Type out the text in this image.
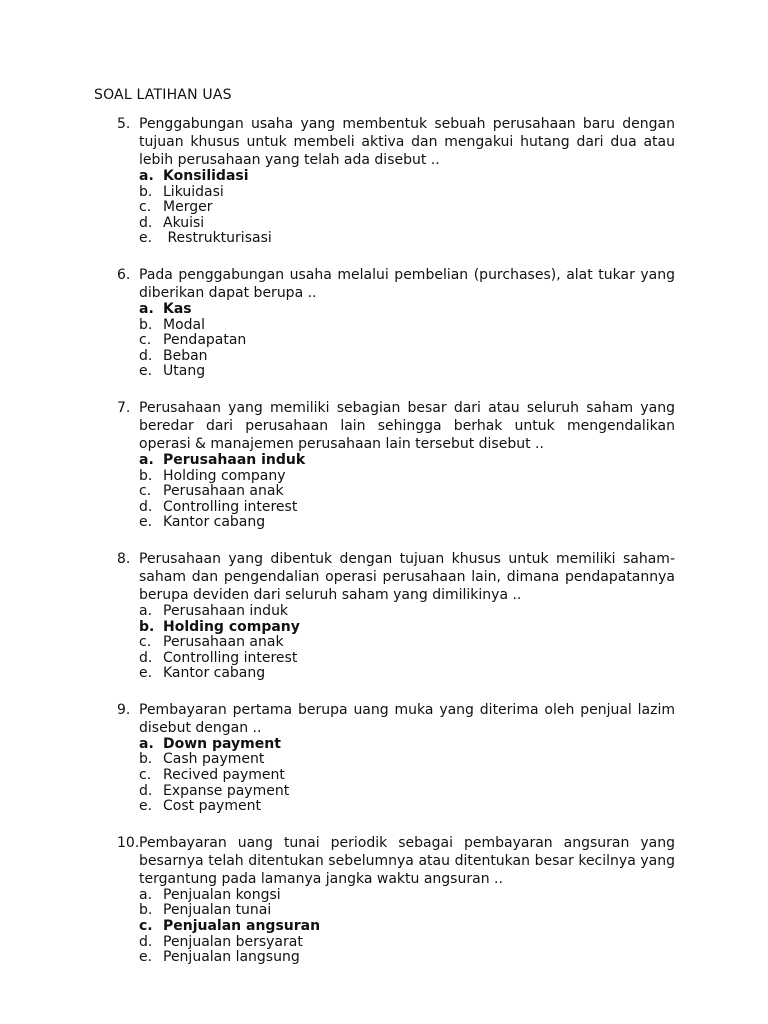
SOAL LATIHAN UAS
5. Penggabungan usaha yang membentuk sebuah perusahaan baru dengan tujuan khusus untuk membeli aktiva dan mengakui hutang dari dua atau lebih perusahaan yang telah ada disebut ..
a. Konsilidasi
b. Likuidasi
c. Merger
d. Akuisi
e. Restrukturisasi
6. Pada penggabungan usaha melalui pembelian (purchases), alat tukar yang diberikan dapat berupa ..
a. Kas
b. Modal
c. Pendapatan
d. Beban
e. Utang
7. Perusahaan yang memiliki sebagian besar dari atau seluruh saham yang beredar dari perusahaan lain sehingga berhak untuk mengendalikan operasi & manajemen perusahaan lain tersebut disebut ..
a. Perusahaan induk
b. Holding company
c. Perusahaan anak
d. Controlling interest
e. Kantor cabang
8. Perusahaan yang dibentuk dengan tujuan khusus untuk memiliki saham-saham dan pengendalian operasi perusahaan lain, dimana pendapatannya berupa deviden dari seluruh saham yang dimilikinya ..
a. Perusahaan induk
b. Holding company
c. Perusahaan anak
d. Controlling interest
e. Kantor cabang
9. Pembayaran pertama berupa uang muka yang diterima oleh penjual lazim disebut dengan ..
a. Down payment
b. Cash payment
c. Recived payment
d. Expanse payment
e. Cost payment
10. Pembayaran uang tunai periodik sebagai pembayaran angsuran yang besarnya telah ditentukan sebelumnya atau ditentukan besar kecilnya yang tergantung pada lamanya jangka waktu angsuran ..
a. Penjualan kongsi
b. Penjualan tunai
c. Penjualan angsuran
d. Penjualan bersyarat
e. Penjualan langsung
